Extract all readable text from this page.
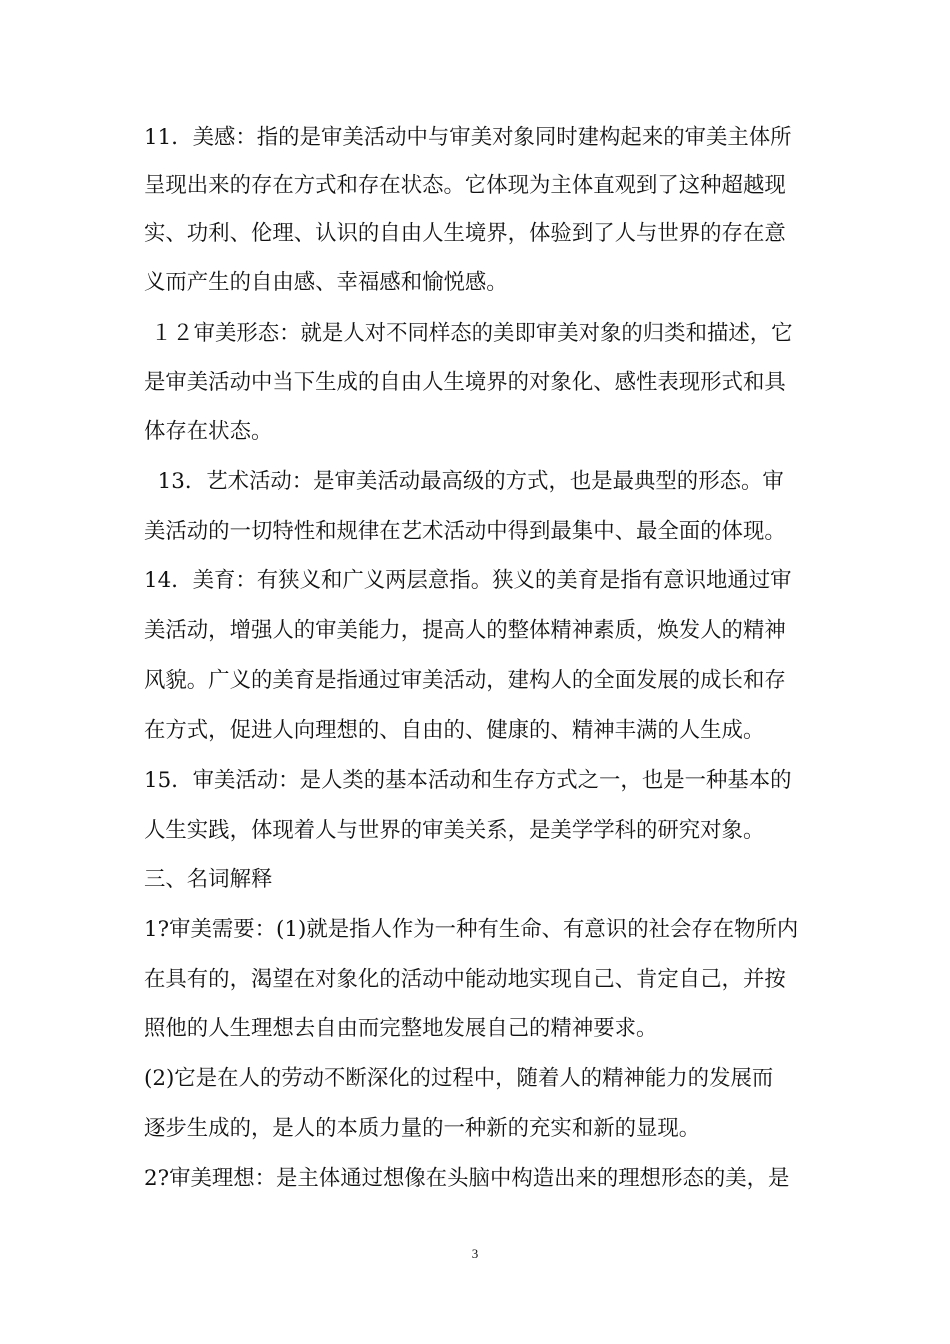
11．美感：指的是审美活动中与审美对象同时建构起来的审美主体所
呈现出来的存在方式和存在状态。它体现为主体直观到了这种超越现
实、功利、伦理、认识的自由人生境界，体验到了人与世界的存在意
义而产生的自由感、幸福感和愉悦感。
１２审美形态：就是人对不同样态的美即审美对象的归类和描述，它
是审美活动中当下生成的自由人生境界的对象化、感性表现形式和具
体存在状态。
13．艺术活动：是审美活动最高级的方式，也是最典型的形态。审
美活动的一切特性和规律在艺术活动中得到最集中、最全面的体现。
14．美育：有狭义和广义两层意指。狭义的美育是指有意识地通过审
美活动，增强人的审美能力，提高人的整体精神素质，焕发人的精神
风貌。广义的美育是指通过审美活动，建构人的全面发展的成长和存
在方式，促进人向理想的、自由的、健康的、精神丰满的人生成。
15．审美活动：是人类的基本活动和生存方式之一，也是一种基本的
人生实践，体现着人与世界的审美关系，是美学学科的研究对象。
三、名词解释
1?审美需要：(1)就是指人作为一种有生命、有意识的社会存在物所内
在具有的，渴望在对象化的活动中能动地实现自己、肯定自己，并按
照他的人生理想去自由而完整地发展自己的精神要求。
(2)它是在人的劳动不断深化的过程中，随着人的精神能力的发展而
逐步生成的，是人的本质力量的一种新的充实和新的显现。
2?审美理想：是主体通过想像在头脑中构造出来的理想形态的美，是
3
